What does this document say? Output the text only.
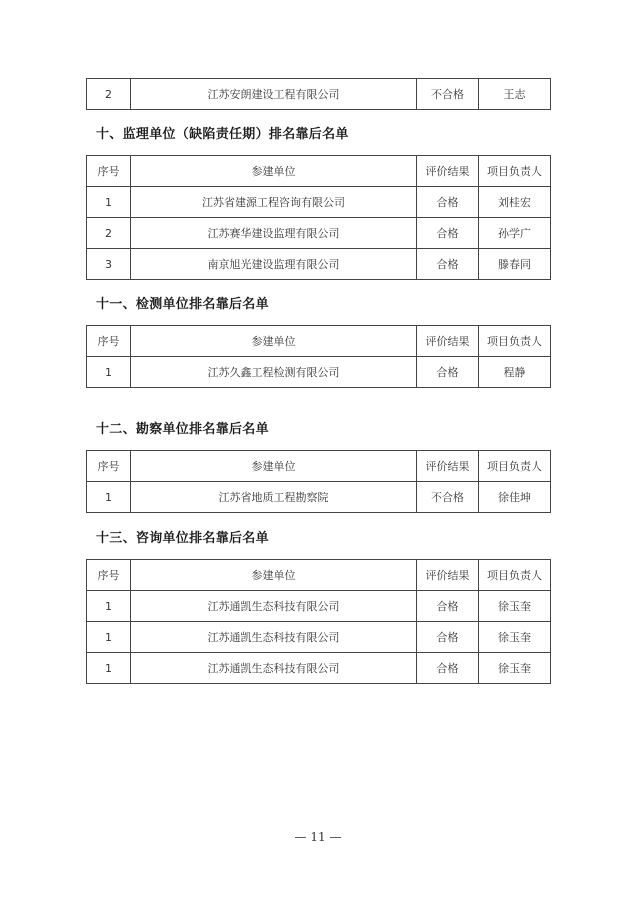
2	江苏安朗建设工程有限公司	不合格	王志
十、监理单位（缺陷责任期）排名靠后名单
序号	参建单位	评价结果	项目负责人
1	江苏省建源工程咨询有限公司	合格	刘桂宏
2	江苏赛华建设监理有限公司	合格	孙学广
3	南京旭光建设监理有限公司	合格	滕春同
十一、检测单位排名靠后名单
序号	参建单位	评价结果	项目负责人
1	江苏久鑫工程检测有限公司	合格	程静
十二、勘察单位排名靠后名单
序号	参建单位	评价结果	项目负责人
1	江苏省地质工程勘察院	不合格	徐佳坤
十三、咨询单位排名靠后名单
序号	参建单位	评价结果	项目负责人
1	江苏通凯生态科技有限公司	合格	徐玉奎
1	江苏通凯生态科技有限公司	合格	徐玉奎
1	江苏通凯生态科技有限公司	合格	徐玉奎
— 11 —
